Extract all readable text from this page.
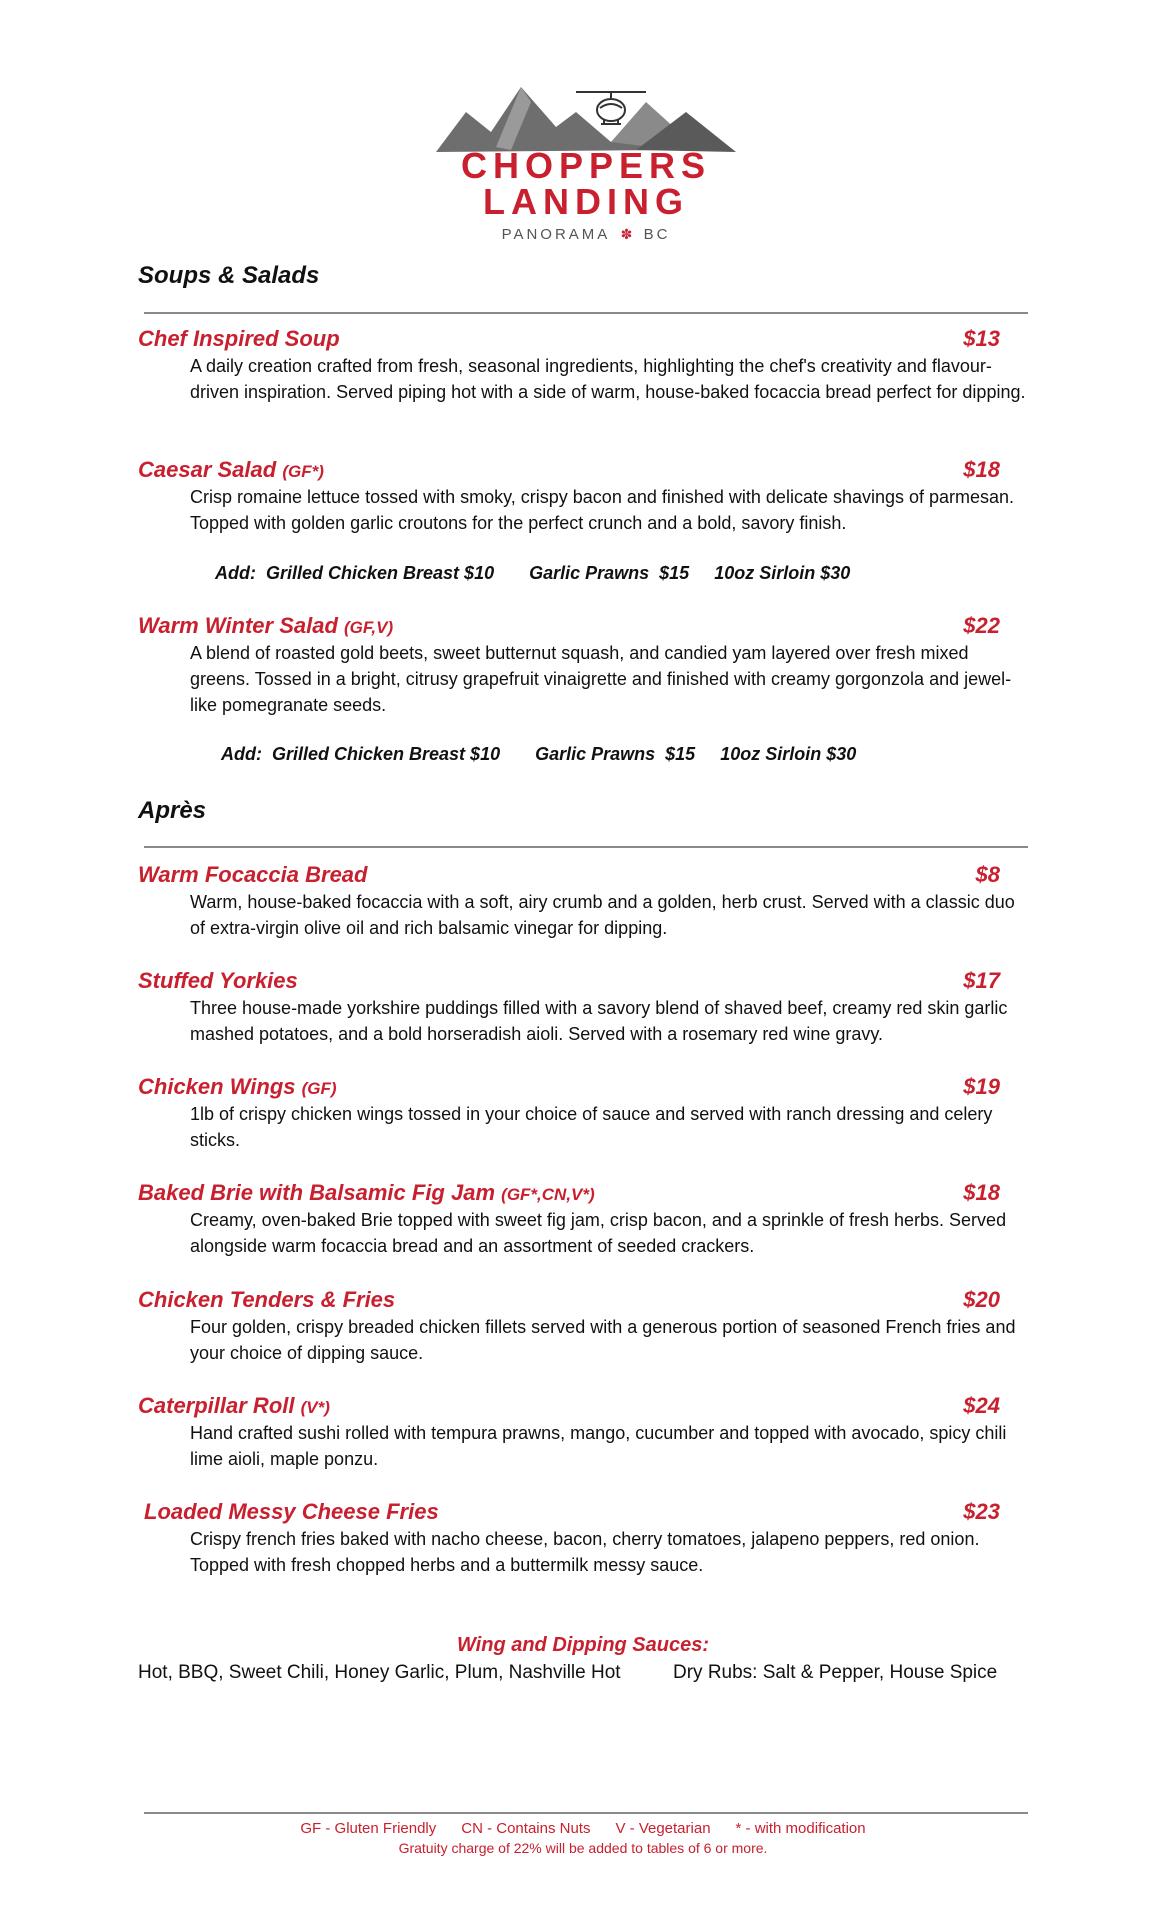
CHOPPERS
LANDING
PANORAMA ✽ BC
Soups & Salads
Chef Inspired Soup	$13
A daily creation crafted from fresh, seasonal ingredients, highlighting the chef's creativity and flavour-driven inspiration. Served piping hot with a side of warm, house-baked focaccia bread perfect for dipping.
Caesar Salad (GF*)	$18
Crisp romaine lettuce tossed with smoky, crispy bacon and finished with delicate shavings of parmesan. Topped with golden garlic croutons for the perfect crunch and a bold, savory finish.
Add:  Grilled Chicken Breast $10       Garlic Prawns  $15     10oz Sirloin $30
Warm Winter Salad (GF,V)	$22
A blend of roasted gold beets, sweet butternut squash, and candied yam layered over fresh mixed greens. Tossed in a bright, citrusy grapefruit vinaigrette and finished with creamy gorgonzola and jewel-like pomegranate seeds.
Add:  Grilled Chicken Breast $10       Garlic Prawns  $15     10oz Sirloin $30
Après
Warm Focaccia Bread	$8
Warm, house-baked focaccia with a soft, airy crumb and a golden, herb crust. Served with a classic duo of extra-virgin olive oil and rich balsamic vinegar for dipping.
Stuffed Yorkies	$17
Three house-made yorkshire puddings filled with a savory blend of shaved beef, creamy red skin garlic mashed potatoes, and a bold horseradish aioli. Served with a rosemary red wine gravy.
Chicken Wings (GF)	$19
1lb of crispy chicken wings tossed in your choice of sauce and served with ranch dressing and celery sticks.
Baked Brie with Balsamic Fig Jam (GF*,CN,V*)	$18
Creamy, oven-baked Brie topped with sweet fig jam, crisp bacon, and a sprinkle of fresh herbs. Served alongside warm focaccia bread and an assortment of seeded crackers.
Chicken Tenders & Fries	$20
Four golden, crispy breaded chicken fillets served with a generous portion of seasoned French fries and your choice of dipping sauce.
Caterpillar Roll (V*)	$24
Hand crafted sushi rolled with tempura prawns, mango, cucumber and topped with avocado, spicy chili lime aioli, maple ponzu.
Loaded Messy Cheese Fries	$23
Crispy french fries baked with nacho cheese, bacon, cherry tomatoes, jalapeno peppers, red onion. Topped with fresh chopped herbs and a buttermilk messy sauce.
Wing and Dipping Sauces:
Hot, BBQ, Sweet Chili, Honey Garlic, Plum, Nashville Hot	Dry Rubs: Salt & Pepper, House Spice
GF - Gluten Friendly      CN - Contains Nuts      V - Vegetarian      * - with modification
Gratuity charge of 22% will be added to tables of 6 or more.
